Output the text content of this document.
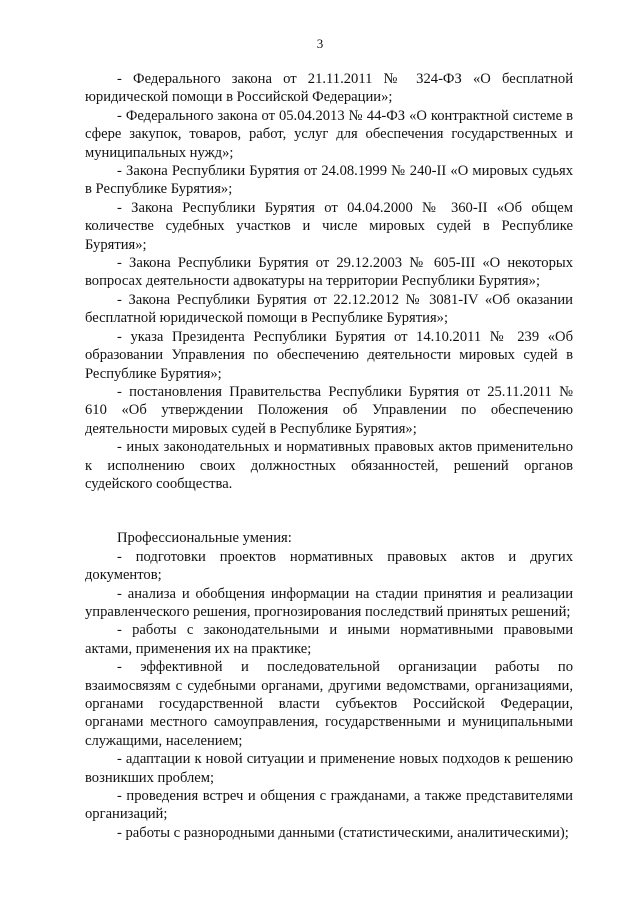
3

- Федерального закона от 21.11.2011 № 324-ФЗ «О бесплатной юридической помощи в Российской Федерации»;

- Федерального закона от 05.04.2013 № 44-ФЗ «О контрактной системе в сфере закупок, товаров, работ, услуг для обеспечения государственных и муниципальных нужд»;

- Закона Республики Бурятия от 24.08.1999 № 240-II «О мировых судьях в Республике Бурятия»;

- Закона Республики Бурятия от 04.04.2000 № 360-II «Об общем количестве судебных участков и числе мировых судей в Республике Бурятия»;

- Закона Республики Бурятия от 29.12.2003 № 605-III «О некоторых вопросах деятельности адвокатуры на территории Республики Бурятия»;

- Закона Республики Бурятия от 22.12.2012 № 3081-IV «Об оказании бесплатной юридической помощи в Республике Бурятия»;

- указа Президента Республики Бурятия от 14.10.2011 № 239 «Об образовании Управления по обеспечению деятельности мировых судей в Республике Бурятия»;

- постановления Правительства Республики Бурятия от 25.11.2011 № 610 «Об утверждении Положения об Управлении по обеспечению деятельности мировых судей в Республике Бурятия»;

- иных законодательных и нормативных правовых актов применительно к исполнению своих должностных обязанностей, решений органов судейского сообщества.

Профессиональные умения:

- подготовки проектов нормативных правовых актов и других документов;

- анализа и обобщения информации на стадии принятия и реализации управленческого решения, прогнозирования последствий принятых решений;

- работы с законодательными и иными нормативными правовыми актами, применения их на практике;

- эффективной и последовательной организации работы по взаимосвязям с судебными органами, другими ведомствами, организациями, органами государственной власти субъектов Российской Федерации, органами местного самоуправления, государственными и муниципальными служащими, населением;

- адаптации к новой ситуации и применение новых подходов к решению возникших проблем;

- проведения встреч и общения с гражданами, а также представителями организаций;

- работы с разнородными данными (статистическими, аналитическими);
